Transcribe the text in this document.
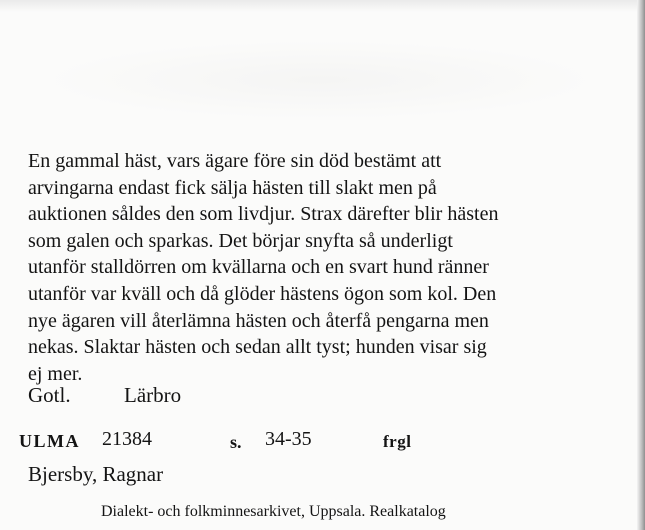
En gammal häst, vars ägare före sin död bestämt att
arvingarna endast fick sälja hästen till slakt men på
auktionen såldes den som livdjur. Strax därefter blir hästen
som galen och sparkas. Det börjar snyfta så underligt
utanför stalldörren om kvällarna och en svart hund ränner
utanför var kväll och då glöder hästens ögon som kol. Den
nye ägaren vill återlämna hästen och återfå pengarna men
nekas. Slaktar hästen och sedan allt tyst; hunden visar sig
ej mer.
Gotl.	Lärbro
ULMA 21384	s. 34-35	frgl
Bjersby, Ragnar
Dialekt- och folkminnesarkivet, Uppsala. Realkatalog
